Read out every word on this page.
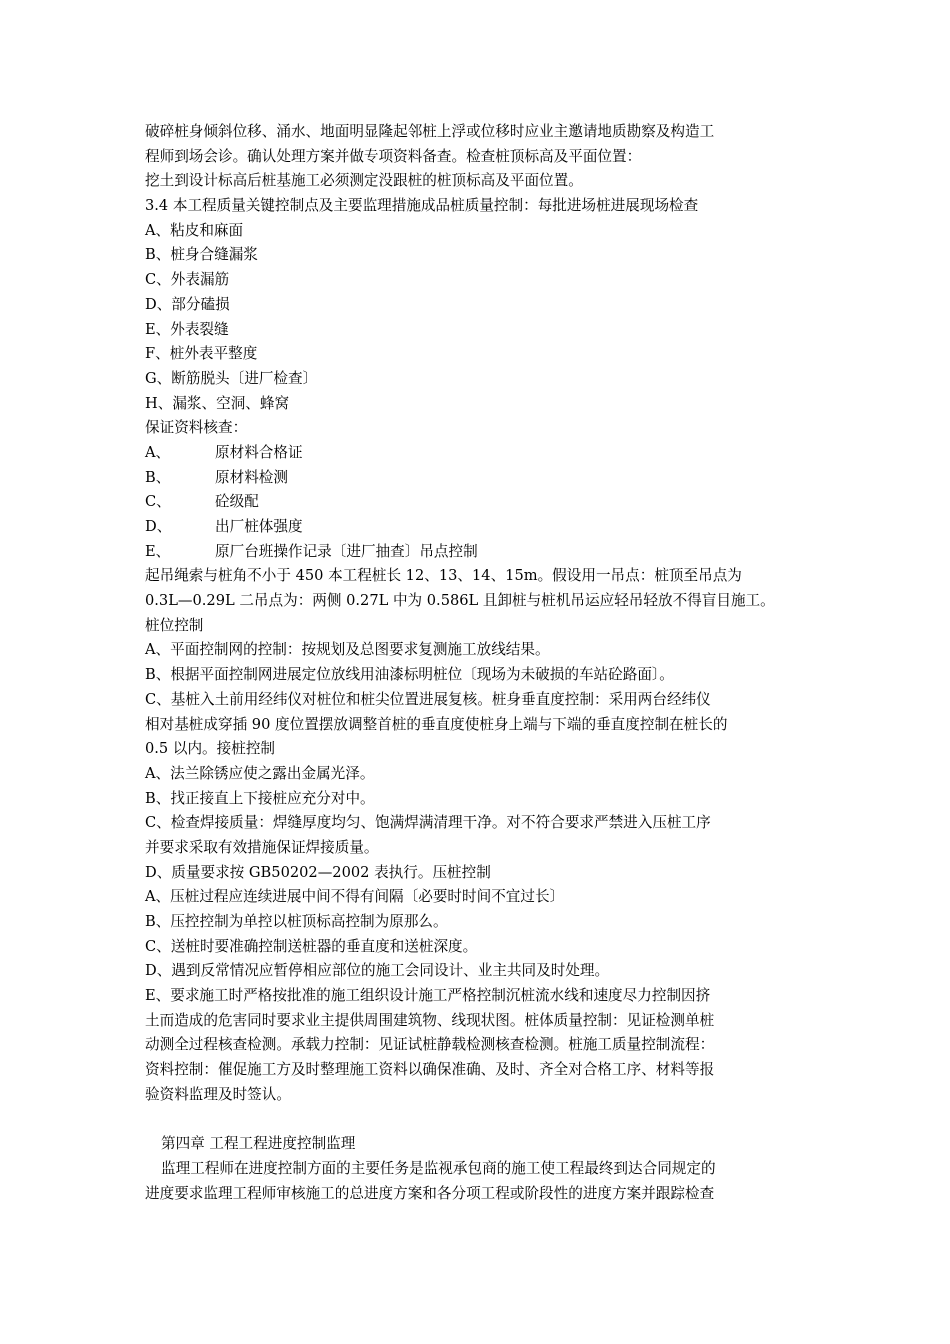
破碎桩身倾斜位移、涌水、地面明显隆起邻桩上浮或位移时应业主邀请地质勘察及构造工
程师到场会诊。确认处理方案并做专项资料备查。检查桩顶标高及平面位置：
挖土到设计标高后桩基施工必须测定没跟桩的桩顶标高及平面位置。
3.4 本工程质量关键控制点及主要监理措施成品桩质量控制：每批进场桩进展现场检查
A、粘皮和麻面
B、桩身合缝漏浆
C、外表漏筋
D、部分磕损
E、外表裂缝
F、桩外表平整度
G、断筋脱头〔进厂检查〕
H、漏浆、空洞、蜂窝
保证资料核查：
A、	原材料合格证
B、	原材料检测
C、	砼级配
D、	出厂桩体强度
E、	原厂台班操作记录〔进厂抽查〕吊点控制
起吊绳索与桩角不小于 450 本工程桩长 12、13、14、15m。假设用一吊点：桩顶至吊点为
0.3L—0.29L 二吊点为：两侧 0.27L 中为 0.586L 且卸桩与桩机吊运应轻吊轻放不得盲目施工。
桩位控制
A、平面控制网的控制：按规划及总图要求复测施工放线结果。
B、根据平面控制网进展定位放线用油漆标明桩位〔现场为未破损的车站砼路面〕。
C、基桩入土前用经纬仪对桩位和桩尖位置进展复核。桩身垂直度控制：采用两台经纬仪
相对基桩成穿插 90 度位置摆放调整首桩的垂直度使桩身上端与下端的垂直度控制在桩长的
0.5 以内。接桩控制
A、法兰除锈应使之露出金属光泽。
B、找正接直上下接桩应充分对中。
C、检查焊接质量：焊缝厚度均匀、饱满焊满清理干净。对不符合要求严禁进入压桩工序
并要求采取有效措施保证焊接质量。
D、质量要求按 GB50202—2002 表执行。压桩控制
A、压桩过程应连续进展中间不得有间隔〔必要时时间不宜过长〕
B、压控控制为单控以桩顶标高控制为原那么。
C、送桩时要准确控制送桩器的垂直度和送桩深度。
D、遇到反常情况应暂停相应部位的施工会同设计、业主共同及时处理。
E、要求施工时严格按批准的施工组织设计施工严格控制沉桩流水线和速度尽力控制因挤
土而造成的危害同时要求业主提供周围建筑物、线现状图。桩体质量控制：见证检测单桩
动测全过程核查检测。承载力控制：见证试桩静载检测核查检测。桩施工质量控制流程：
资料控制：催促施工方及时整理施工资料以确保准确、及时、齐全对合格工序、材料等报
验资料监理及时签认。
第四章 工程工程进度控制监理
监理工程师在进度控制方面的主要任务是监视承包商的施工使工程最终到达合同规定的
进度要求监理工程师审核施工的总进度方案和各分项工程或阶段性的进度方案并跟踪检查
